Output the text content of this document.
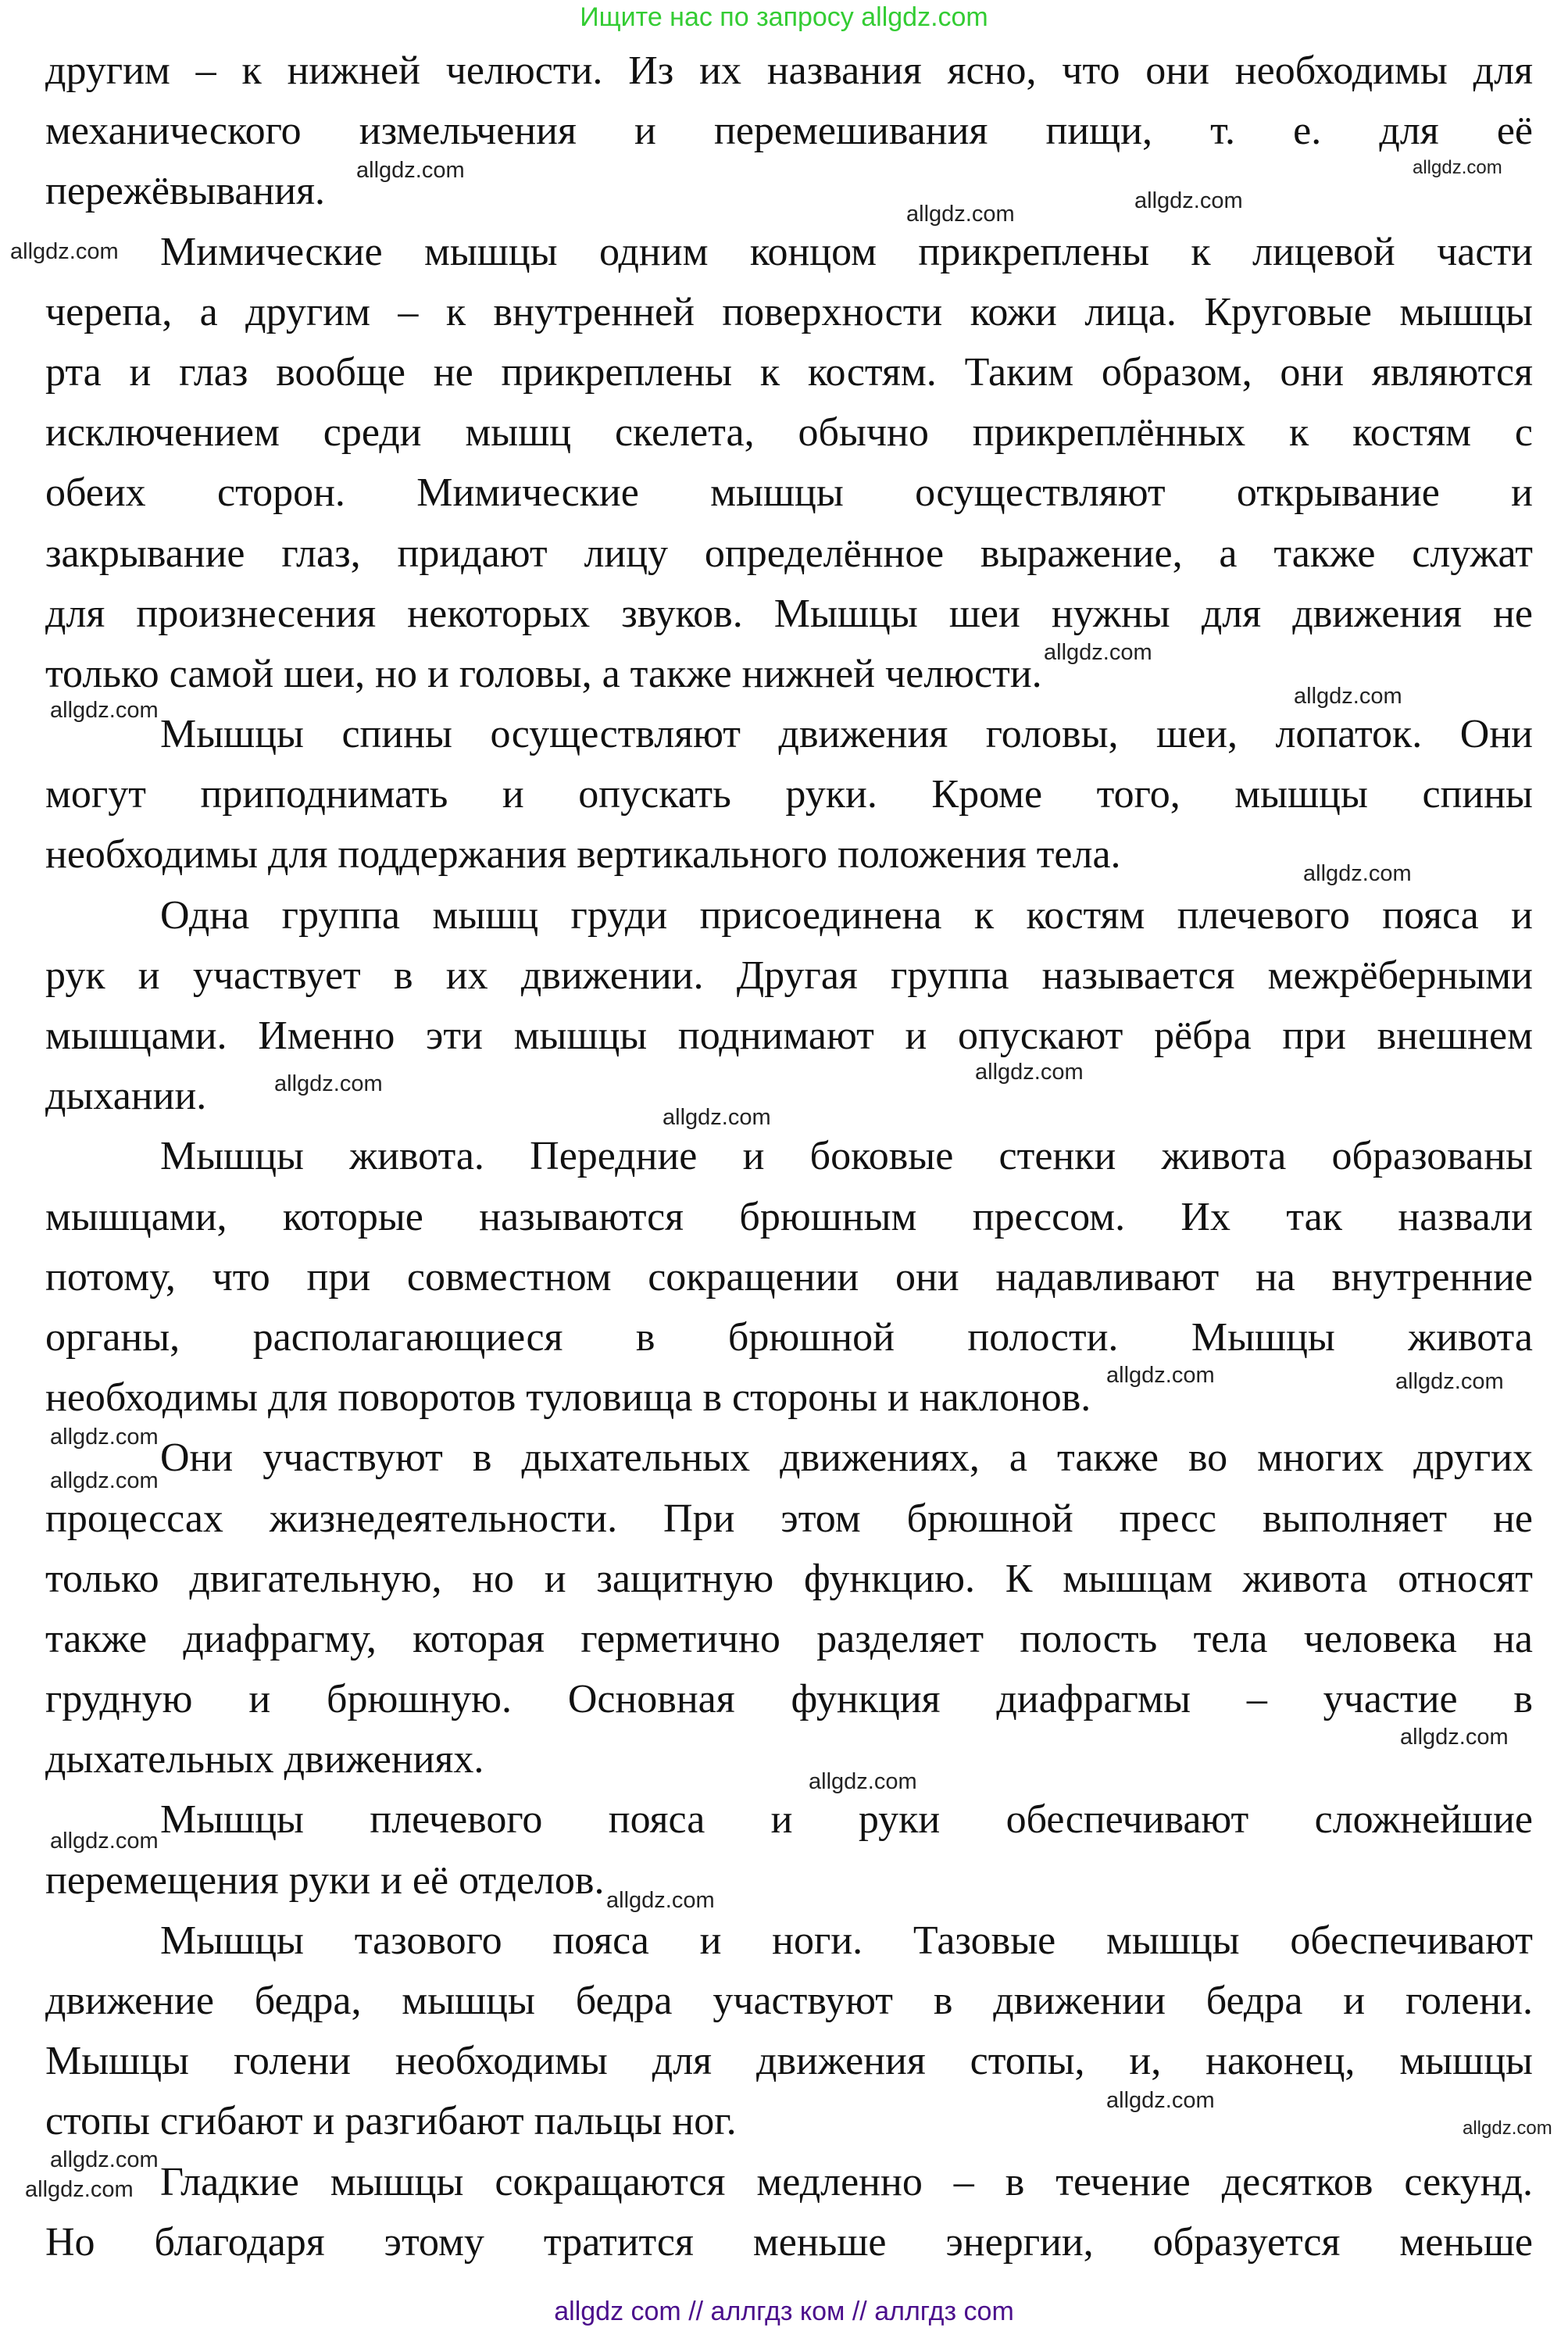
Ищите нас по запросу allgdz.com
другим – к нижней челюсти. Из их названия ясно, что они необходимы для
механического измельчения и перемешивания пищи, т. е. для её
пережёвывания.
Мимические мышцы одним концом прикреплены к лицевой части
черепа, а другим – к внутренней поверхности кожи лица. Круговые мышцы
рта и глаз вообще не прикреплены к костям. Таким образом, они являются
исключением среди мышц скелета, обычно прикреплённых к костям с
обеих сторон. Мимические мышцы осуществляют открывание и
закрывание глаз, придают лицу определённое выражение, а также служат
для произнесения некоторых звуков. Мышцы шеи нужны для движения не
только самой шеи, но и головы, а также нижней челюсти.
Мышцы спины осуществляют движения головы, шеи, лопаток. Они
могут приподнимать и опускать руки. Кроме того, мышцы спины
необходимы для поддержания вертикального положения тела.
Одна группа мышц груди присоединена к костям плечевого пояса и
рук и участвует в их движении. Другая группа называется межрёберными
мышцами. Именно эти мышцы поднимают и опускают рёбра при внешнем
дыхании.
Мышцы живота. Передние и боковые стенки живота образованы
мышцами, которые называются брюшным прессом. Их так назвали
потому, что при совместном сокращении они надавливают на внутренние
органы, располагающиеся в брюшной полости. Мышцы живота
необходимы для поворотов туловища в стороны и наклонов.
Они участвуют в дыхательных движениях, а также во многих других
процессах жизнедеятельности. При этом брюшной пресс выполняет не
только двигательную, но и защитную функцию. К мышцам живота относят
также диафрагму, которая герметично разделяет полость тела человека на
грудную и брюшную. Основная функция диафрагмы – участие в
дыхательных движениях.
Мышцы плечевого пояса и руки обеспечивают сложнейшие
перемещения руки и её отделов.
Мышцы тазового пояса и ноги. Тазовые мышцы обеспечивают
движение бедра, мышцы бедра участвуют в движении бедра и голени.
Мышцы голени необходимы для движения стопы, и, наконец, мышцы
стопы сгибают и разгибают пальцы ног.
Гладкие мышцы сокращаются медленно – в течение десятков секунд.
Но благодаря этому тратится меньше энергии, образуется меньше
allgdz.com
allgdz.com
allgdz.com
allgdz.com
allgdz.com
allgdz.com
allgdz.com
allgdz.com
allgdz.com
allgdz.com
allgdz.com
allgdz.com
allgdz.com	allgdz.com
allgdz.com
allgdz.com
allgdz.com
allgdz.com
allgdz.com
allgdz.com
allgdz.com
allgdz.com
allgdz.com
allgdz.com
allgdz com // аллгдз ком // аллгдз com
